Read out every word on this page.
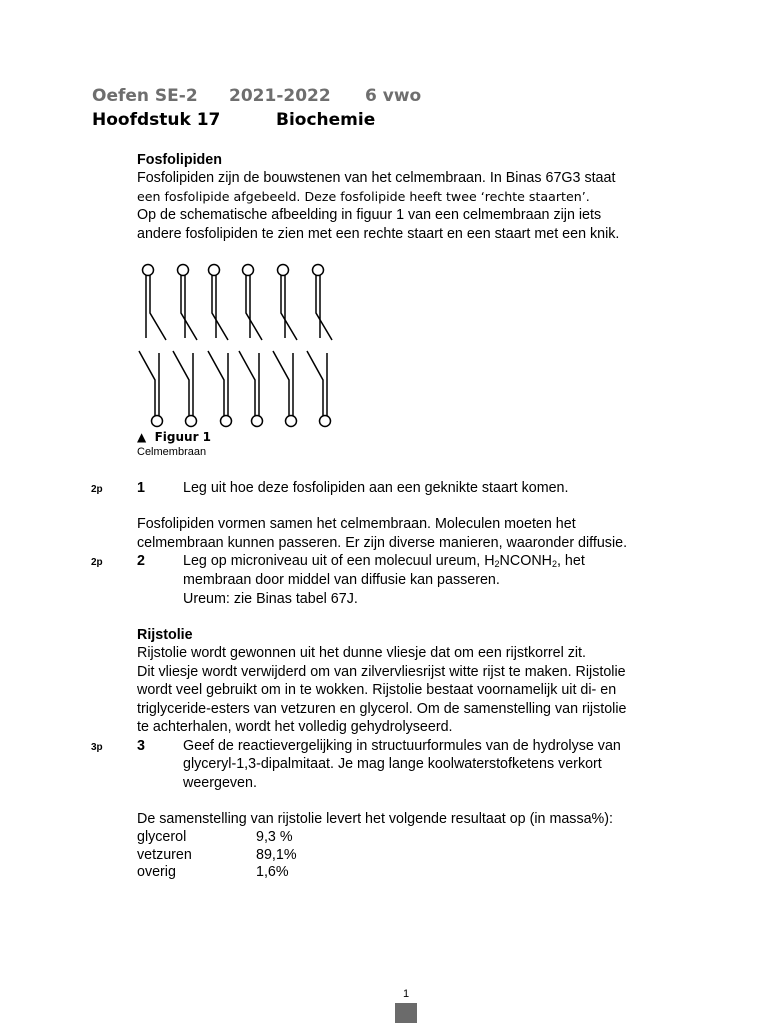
Oefen SE-2 2021-2022 6 vwo
Hoofdstuk 17	Biochemie
Fosfolipiden
Fosfolipiden zijn de bouwstenen van het celmembraan. In Binas 67G3 staat
een fosfolipide afgebeeld. Deze fosfolipide heeft twee ‘rechte staarten’.
Op de schematische afbeelding in figuur 1 van een celmembraan zijn iets
andere fosfolipiden te zien met een rechte staart en een staart met een knik.
▲ Figuur 1
Celmembraan
2p 1	Leg uit hoe deze fosfolipiden aan een geknikte staart komen.
Fosfolipiden vormen samen het celmembraan. Moleculen moeten het
celmembraan kunnen passeren. Er zijn diverse manieren, waaronder diffusie.
2p 2	Leg op microniveau uit of een molecuul ureum, $H_2NCONH_2$, het
membraan door middel van diffusie kan passeren.
Ureum: zie Binas tabel 67J.
Rijstolie
Rijstolie wordt gewonnen uit het dunne vliesje dat om een rijstkorrel zit.
Dit vliesje wordt verwijderd om van zilvervliesrijst witte rijst te maken. Rijstolie
wordt veel gebruikt om in te wokken. Rijstolie bestaat voornamelijk uit di- en
triglyceride-esters van vetzuren en glycerol. Om de samenstelling van rijstolie
te achterhalen, wordt het volledig gehydrolyseerd.
3p 3	Geef de reactievergelijking in structuurformules van de hydrolyse van
glyceryl-1,3-dipalmitaat. Je mag lange koolwaterstofketens verkort
weergeven.
De samenstelling van rijstolie levert het volgende resultaat op (in massa%):
glycerol	9,3 %
vetzuren	89,1%
overig	1,6%
1
